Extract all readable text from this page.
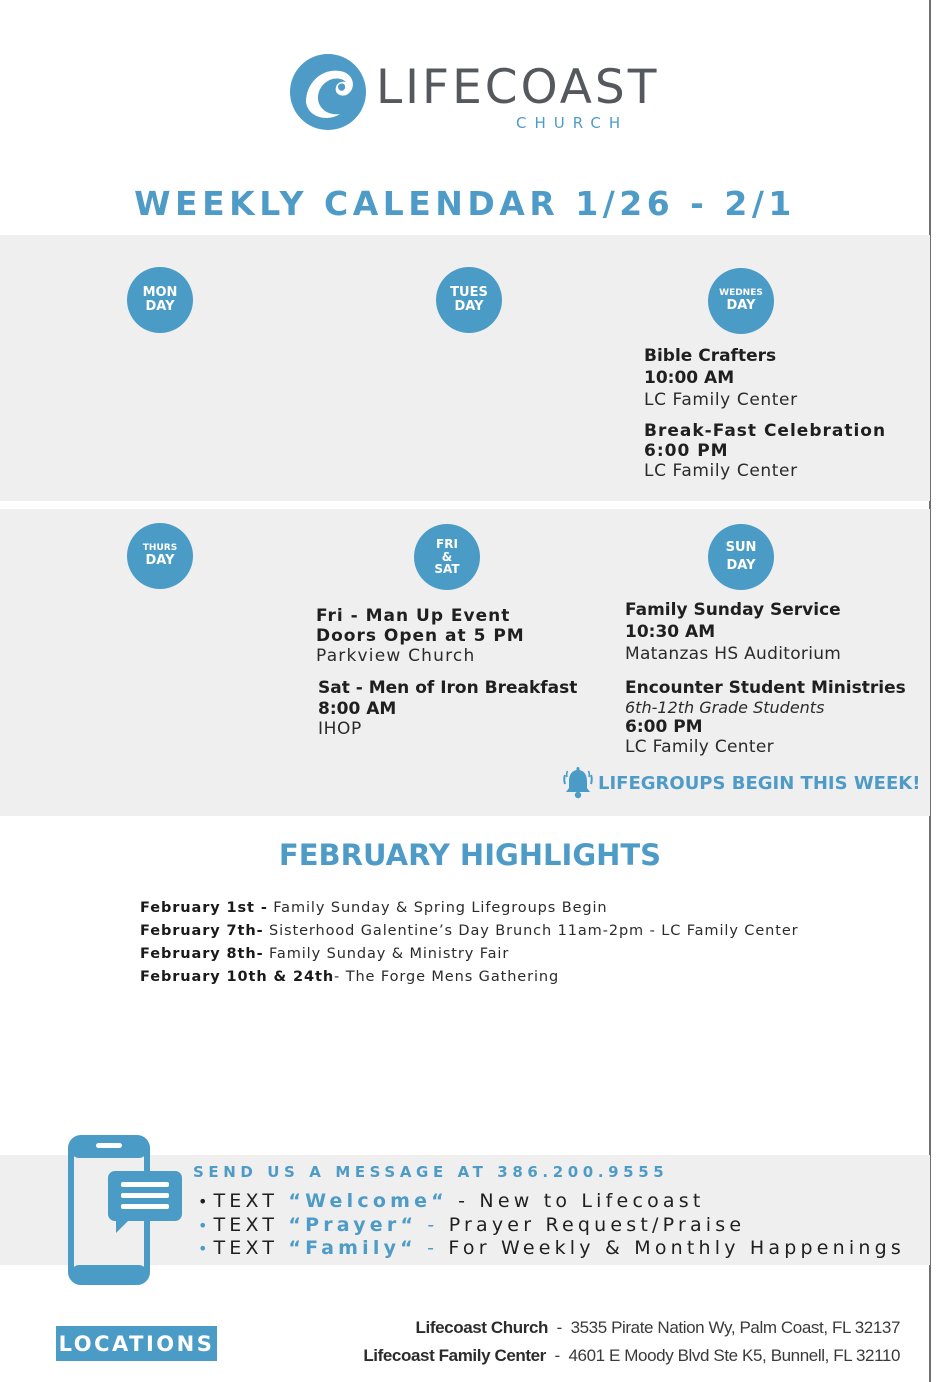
LIFECOAST
CHURCH
WEEKLY CALENDAR 1/26 - 2/1
MON
DAY
TUES
DAY
WEDNES
DAY
Bible Crafters
10:00 AM
LC Family Center
Break-Fast Celebration
6:00 PM
LC Family Center
THURS
DAY
FRI
&
SAT
SUN
DAY
Fri - Man Up Event
Doors Open at 5 PM
Parkview Church
Sat - Men of Iron Breakfast
8:00 AM
IHOP
Family Sunday Service
10:30 AM
Matanzas HS Auditorium
Encounter Student Ministries
6th-12th Grade Students
6:00 PM
LC Family Center
LIFEGROUPS BEGIN THIS WEEK!
FEBRUARY HIGHLIGHTS
February 1st - Family Sunday & Spring Lifegroups Begin
February 7th- Sisterhood Galentine’s Day Brunch 11am-2pm - LC Family Center
February 8th- Family Sunday & Ministry Fair
February 10th & 24th- The Forge Mens Gathering
SEND US A MESSAGE AT 386.200.9555
• TEXT “Welcome“ - New to Lifecoast
• TEXT “Prayer“ - Prayer Request/Praise
• TEXT “Family“ - For Weekly & Monthly Happenings
LOCATIONS
Lifecoast Church  -  3535 Pirate Nation Wy, Palm Coast, FL 32137
Lifecoast Family Center  -  4601 E Moody Blvd Ste K5, Bunnell, FL 32110
